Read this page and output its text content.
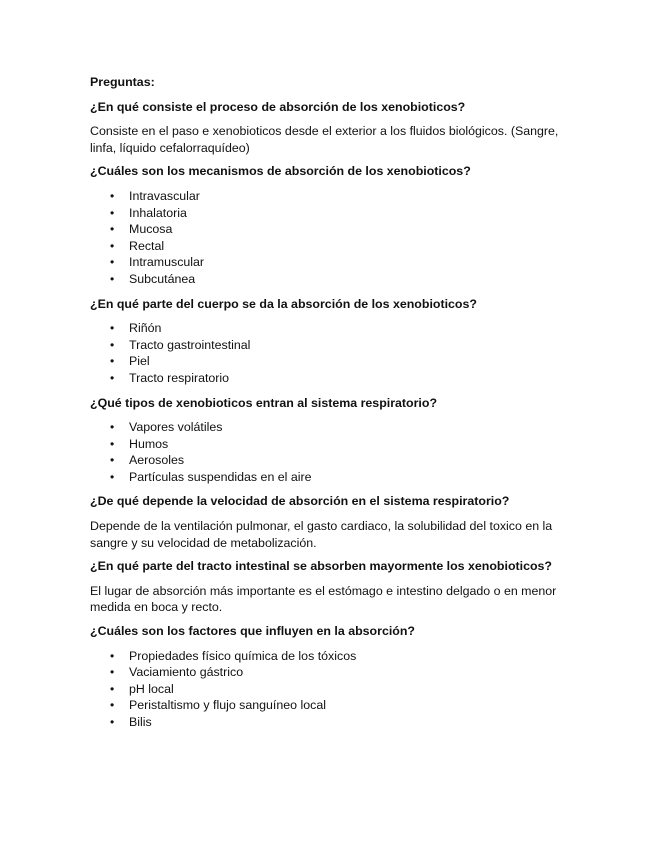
Preguntas:

¿En qué consiste el proceso de absorción de los xenobioticos?

Consiste en el paso e xenobioticos desde el exterior a los fluidos biológicos. (Sangre, linfa, líquido cefalorraquídeo)

¿Cuáles son los mecanismos de absorción de los xenobioticos?

• Intravascular
• Inhalatoria
• Mucosa
• Rectal
• Intramuscular
• Subcutánea

¿En qué parte del cuerpo se da la absorción de los xenobioticos?

• Riñón
• Tracto gastrointestinal
• Piel
• Tracto respiratorio

¿Qué tipos de xenobioticos entran al sistema respiratorio?

• Vapores volátiles
• Humos
• Aerosoles
• Partículas suspendidas en el aire

¿De qué depende la velocidad de absorción en el sistema respiratorio?

Depende de la ventilación pulmonar, el gasto cardiaco, la solubilidad del toxico en la sangre y su velocidad de metabolización.

¿En qué parte del tracto intestinal se absorben mayormente los xenobioticos?

El lugar de absorción más importante es el estómago e intestino delgado o en menor medida en boca y recto.

¿Cuáles son los factores que influyen en la absorción?

• Propiedades físico química de los tóxicos
• Vaciamiento gástrico
• pH local
• Peristaltismo y flujo sanguíneo local
• Bilis
